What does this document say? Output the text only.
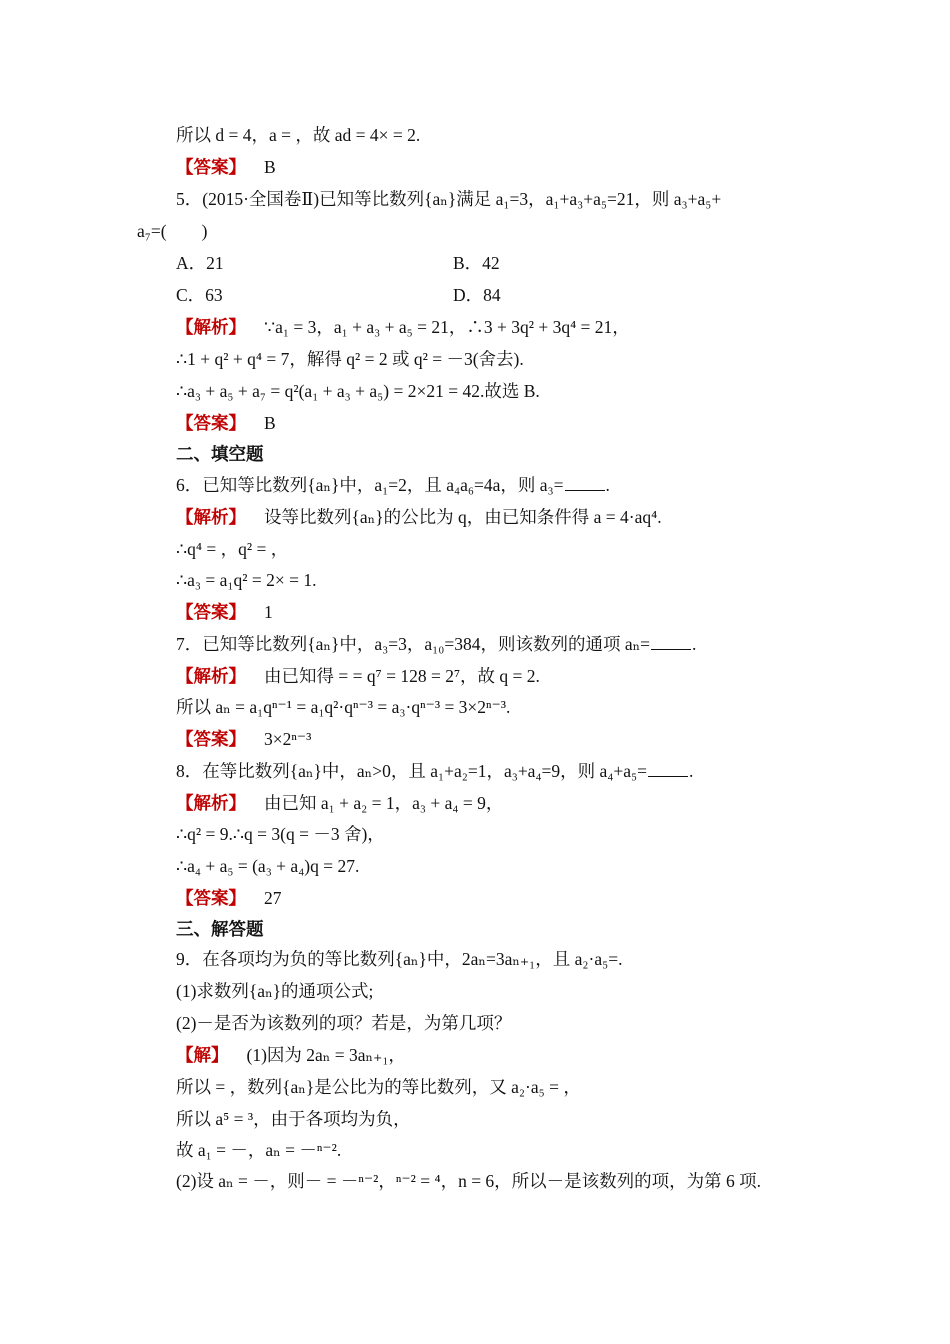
所以 d = 4，a = ，故 ad = 4× = 2.
【答案】 B
5．(2015·全国卷Ⅱ)已知等比数列{aₙ}满足 a₁=3，a₁+a₃+a₅=21，则 a₃+a₅+
a₇=(　　)
A．21	B．42
C．63	D．84
【解析】 ∵a₁ = 3，a₁ + a₃ + a₅ = 21，∴3 + 3q² + 3q⁴ = 21，
∴1 + q² + q⁴ = 7，解得 q² = 2 或 q² = －3(舍去).
∴a₃ + a₅ + a₇ = q²(a₁ + a₃ + a₅) = 2×21 = 42.故选 B.
【答案】 B
二、填空题
6．已知等比数列{aₙ}中，a₁=2，且 a₄a₆=4a，则 a₃= .
【解析】 设等比数列{aₙ}的公比为 q，由已知条件得 a = 4·aq⁴.
∴q⁴ = ，q² = ，
∴a₃ = a₁q² = 2× = 1.
【答案】 1
7．已知等比数列{aₙ}中，a₃=3，a₁₀=384，则该数列的通项 aₙ= .
【解析】 由已知得 = = q⁷ = 128 = 2⁷，故 q = 2.
所以 aₙ = a₁qⁿ⁻¹ = a₁q²·qⁿ⁻³ = a₃·qⁿ⁻³ = 3×2ⁿ⁻³.
【答案】 3×2ⁿ⁻³
8．在等比数列{aₙ}中，aₙ>0，且 a₁+a₂=1，a₃+a₄=9，则 a₄+a₅= .
【解析】 由已知 a₁ + a₂ = 1，a₃ + a₄ = 9，
∴q² = 9.∴q = 3(q = －3 舍)，
∴a₄ + a₅ = (a₃ + a₄)q = 27.
【答案】 27
三、解答题
9．在各项均为负的等比数列{aₙ}中，2aₙ=3aₙ₊₁，且 a₂·a₅=.
(1)求数列{aₙ}的通项公式;
(2)－是否为该数列的项？若是，为第几项？
【解】 (1)因为 2aₙ = 3aₙ₊₁，
所以 = ，数列{aₙ}是公比为的等比数列，又 a₂·a₅ = ，
所以 a⁵ = ³，由于各项均为负，
故 a₁ = －，aₙ = －ⁿ⁻².
(2)设 aₙ = －，则－ = －ⁿ⁻²，ⁿ⁻² = ⁴，n = 6，所以－是该数列的项，为第 6 项.
